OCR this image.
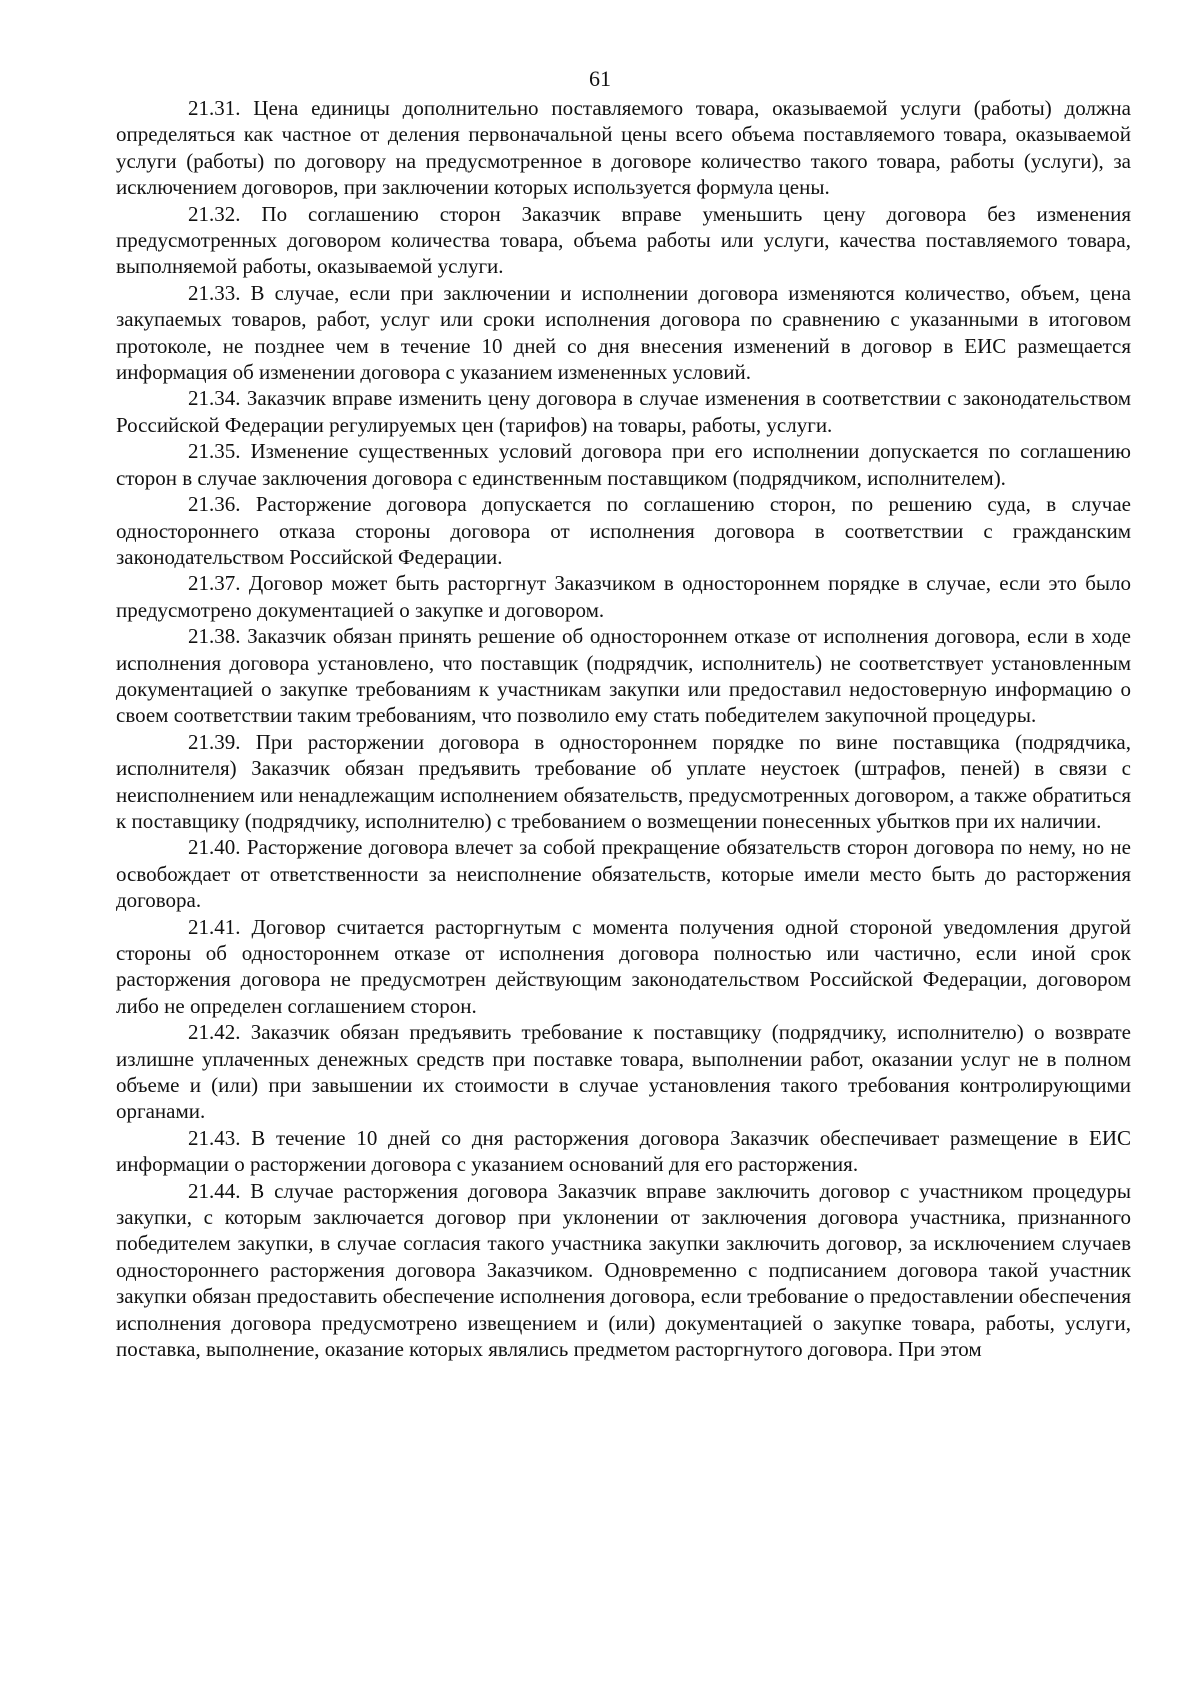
61

21.31. Цена единицы дополнительно поставляемого товара, оказываемой услуги (работы) должна определяться как частное от деления первоначальной цены всего объема поставляемого товара, оказываемой услуги (работы) по договору на предусмотренное в договоре количество такого товара, работы (услуги), за исключением договоров, при заключении которых используется формула цены.

21.32. По соглашению сторон Заказчик вправе уменьшить цену договора без изменения предусмотренных договором количества товара, объема работы или услуги, качества поставляемого товара, выполняемой работы, оказываемой услуги.

21.33. В случае, если при заключении и исполнении договора изменяются количество, объем, цена закупаемых товаров, работ, услуг или сроки исполнения договора по сравнению с указанными в итоговом протоколе, не позднее чем в течение 10 дней со дня внесения изменений в договор в ЕИС размещается информация об изменении договора с указанием измененных условий.

21.34. Заказчик вправе изменить цену договора в случае изменения в соответствии с законодательством Российской Федерации регулируемых цен (тарифов) на товары, работы, услуги.

21.35. Изменение существенных условий договора при его исполнении допускается по соглашению сторон в случае заключения договора с единственным поставщиком (подрядчиком, исполнителем).

21.36. Расторжение договора допускается по соглашению сторон, по решению суда, в случае одностороннего отказа стороны договора от исполнения договора в соответствии с гражданским законодательством Российской Федерации.

21.37. Договор может быть расторгнут Заказчиком в одностороннем порядке в случае, если это было предусмотрено документацией о закупке и договором.

21.38. Заказчик обязан принять решение об одностороннем отказе от исполнения договора, если в ходе исполнения договора установлено, что поставщик (подрядчик, исполнитель) не соответствует установленным документацией о закупке требованиям к участникам закупки или предоставил недостоверную информацию о своем соответствии таким требованиям, что позволило ему стать победителем закупочной процедуры.

21.39. При расторжении договора в одностороннем порядке по вине поставщика (подрядчика, исполнителя) Заказчик обязан предъявить требование об уплате неустоек (штрафов, пеней) в связи с неисполнением или ненадлежащим исполнением обязательств, предусмотренных договором, а также обратиться к поставщику (подрядчику, исполнителю) с требованием о возмещении понесенных убытков при их наличии.

21.40. Расторжение договора влечет за собой прекращение обязательств сторон договора по нему, но не освобождает от ответственности за неисполнение обязательств, которые имели место быть до расторжения договора.

21.41. Договор считается расторгнутым с момента получения одной стороной уведомления другой стороны об одностороннем отказе от исполнения договора полностью или частично, если иной срок расторжения договора не предусмотрен действующим законодательством Российской Федерации, договором либо не определен соглашением сторон.

21.42. Заказчик обязан предъявить требование к поставщику (подрядчику, исполнителю) о возврате излишне уплаченных денежных средств при поставке товара, выполнении работ, оказании услуг не в полном объеме и (или) при завышении их стоимости в случае установления такого требования контролирующими органами.

21.43. В течение 10 дней со дня расторжения договора Заказчик обеспечивает размещение в ЕИС информации о расторжении договора с указанием оснований для его расторжения.

21.44. В случае расторжения договора Заказчик вправе заключить договор с участником процедуры закупки, с которым заключается договор при уклонении от заключения договора участника, признанного победителем закупки, в случае согласия такого участника закупки заключить договор, за исключением случаев одностороннего расторжения договора Заказчиком. Одновременно с подписанием договора такой участник закупки обязан предоставить обеспечение исполнения договора, если требование о предоставлении обеспечения исполнения договора предусмотрено извещением и (или) документацией о закупке товара, работы, услуги, поставка, выполнение, оказание которых являлись предметом расторгнутого договора. При этом
